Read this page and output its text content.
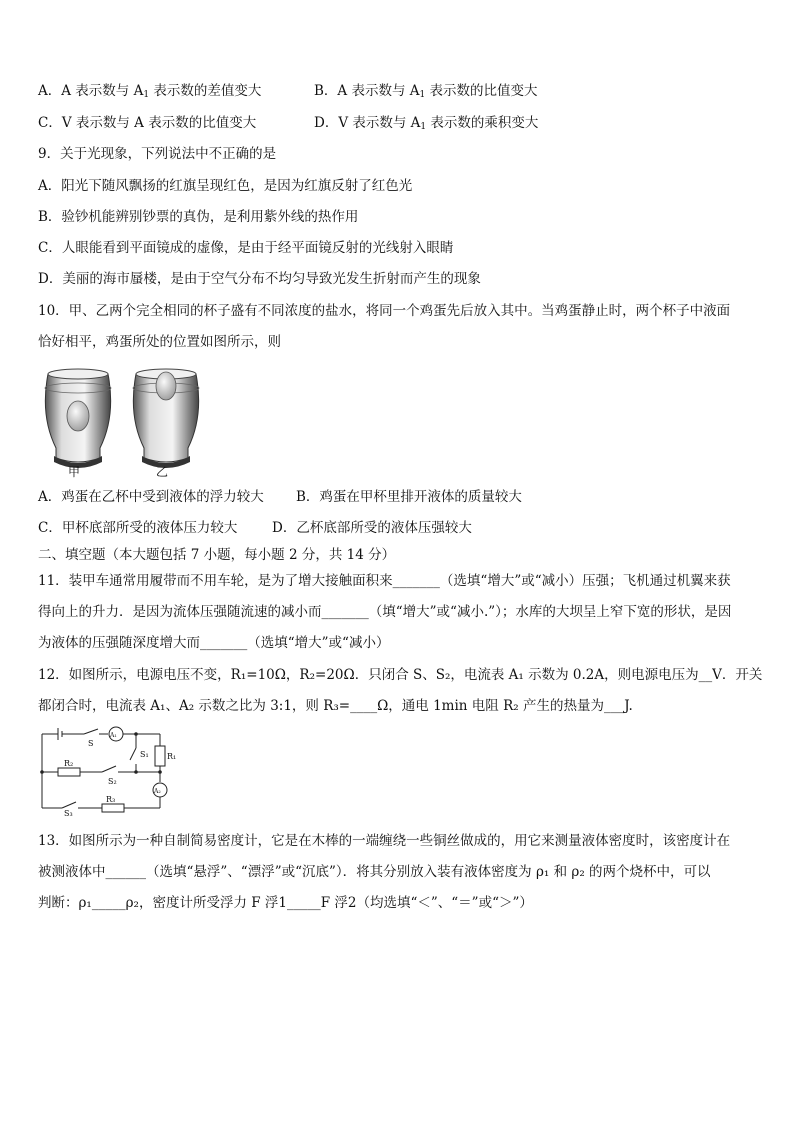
A．A 表示数与 $A_1$ 表示数的差值变大	B．A 表示数与 $A_1$ 表示数的比值变大
C．V 表示数与 A 表示数的比值变大	D．V 表示数与 $A_1$ 表示数的乘积变大
9．关于光现象，下列说法中不正确的是
A．阳光下随风飘扬的红旗呈现红色，是因为红旗反射了红色光
B．验钞机能辨别钞票的真伪，是利用紫外线的热作用
C．人眼能看到平面镜成的虚像，是由于经平面镜反射的光线射入眼睛
D．美丽的海市蜃楼，是由于空气分布不均匀导致光发生折射而产生的现象
10．甲、乙两个完全相同的杯子盛有不同浓度的盐水，将同一个鸡蛋先后放入其中。当鸡蛋静止时，两个杯子中液面
恰好相平，鸡蛋所处的位置如图所示，则
甲	乙
A．鸡蛋在乙杯中受到液体的浮力较大 B．鸡蛋在甲杯里排开液体的质量较大
C．甲杯底部所受的液体压力较大	D．乙杯底部所受的液体压强较大
二、填空题（本大题包括 7 小题，每小题 2 分，共 14 分）
11．装甲车通常用履带而不用车轮，是为了增大接触面积来_______（选填“增大”或“减小）压强；飞机通过机翼来获
得向上的升力．是因为流体压强随流速的减小而_______（填“增大”或“减小.”）；水库的大坝呈上窄下宽的形状，是因
为液体的压强随深度增大而_______（选填“增大”或“减小）
12．如图所示，电源电压不变，R₁=10Ω，R₂=20Ω．只闭合 S、S₂，电流表 A₁ 示数为 0.2A，则电源电压为__V．开关
都闭合时，电流表 A₁、A₂ 示数之比为 3:1，则 R₃=____Ω，通电 1min 电阻 R₂ 产生的热量为___J.
S
A₁
S₁ R₁
R₂
S₂
R₃
A₂
S₃
13．如图所示为一种自制简易密度计，它是在木棒的一端缠绕一些铜丝做成的，用它来测量液体密度时，该密度计在
被测液体中______（选填“悬浮”、“漂浮”或“沉底”）．将其分别放入装有液体密度为 ρ₁ 和 ρ₂ 的两个烧杯中，可以
判断：ρ₁_____ρ₂，密度计所受浮力 F 浮1_____F 浮2（均选填“＜”、“＝”或“＞”）
